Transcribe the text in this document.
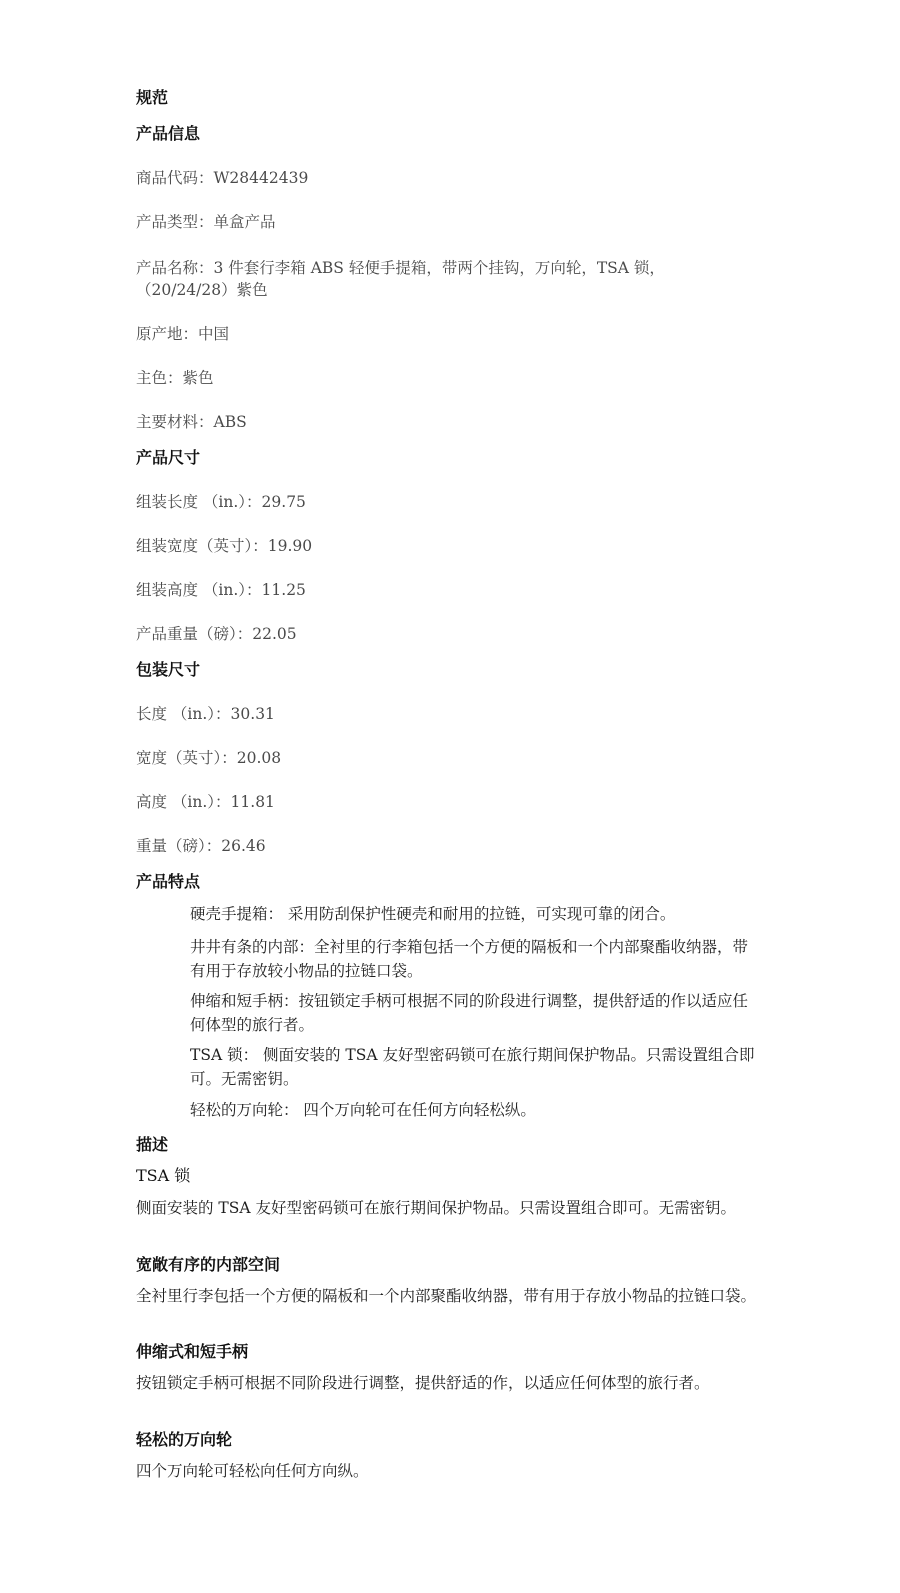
规范
产品信息
商品代码：W28442439
产品类型：单盒产品
产品名称：3 件套行李箱 ABS 轻便手提箱，带两个挂钩，万向轮，TSA 锁，（20/24/28）紫色
原产地：中国
主色：紫色
主要材料：ABS
产品尺寸
组装长度 （in.）：29.75
组装宽度（英寸）：19.90
组装高度 （in.）：11.25
产品重量（磅）：22.05
包装尺寸
长度 （in.）：30.31
宽度（英寸）：20.08
高度 （in.）：11.81
重量（磅）：26.46
产品特点
硬壳手提箱： 采用防刮保护性硬壳和耐用的拉链，可实现可靠的闭合。
井井有条的内部：全衬里的行李箱包括一个方便的隔板和一个内部聚酯收纳器，带有用于存放较小物品的拉链口袋。
伸缩和短手柄：按钮锁定手柄可根据不同的阶段进行调整，提供舒适的作以适应任何体型的旅行者。
TSA 锁： 侧面安装的 TSA 友好型密码锁可在旅行期间保护物品。只需设置组合即可。无需密钥。
轻松的万向轮： 四个万向轮可在任何方向轻松纵。
描述
TSA 锁
侧面安装的 TSA 友好型密码锁可在旅行期间保护物品。只需设置组合即可。无需密钥。
宽敞有序的内部空间
全衬里行李包括一个方便的隔板和一个内部聚酯收纳器，带有用于存放小物品的拉链口袋。
伸缩式和短手柄
按钮锁定手柄可根据不同阶段进行调整，提供舒适的作，以适应任何体型的旅行者。
轻松的万向轮
四个万向轮可轻松向任何方向纵。
